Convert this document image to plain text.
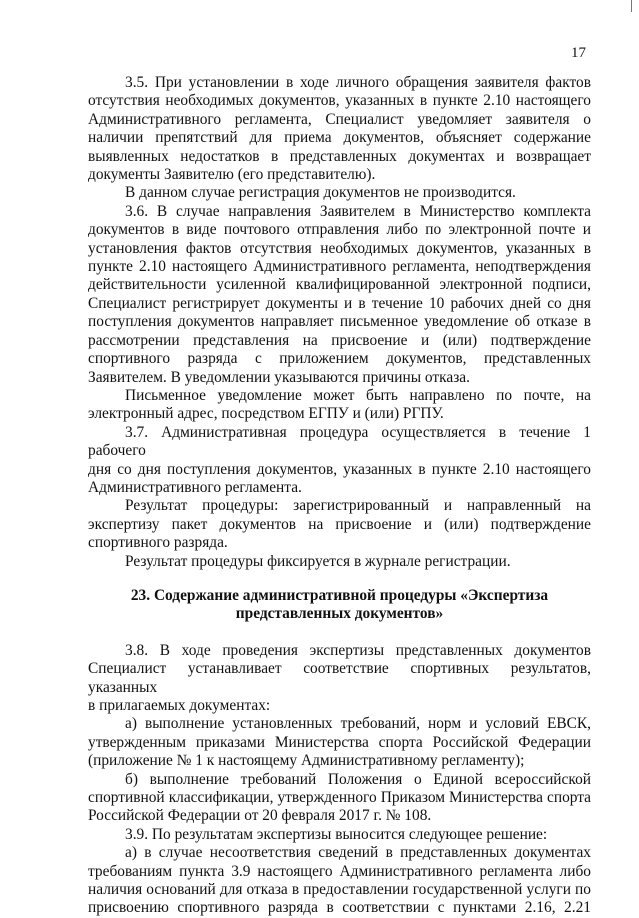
17
3.5. При установлении в ходе личного обращения заявителя фактов
отсутствия необходимых документов, указанных в пункте 2.10 настоящего
Административного регламента, Специалист уведомляет заявителя о
наличии препятствий для приема документов, объясняет содержание
выявленных недостатков в представленных документах и возвращает
документы Заявителю (его представителю).
В данном случае регистрация документов не производится.
3.6. В случае направления Заявителем в Министерство комплекта
документов в виде почтового отправления либо по электронной почте и
установления фактов отсутствия необходимых документов, указанных в
пункте 2.10 настоящего Административного регламента, неподтверждения
действительности усиленной квалифицированной электронной подписи,
Специалист регистрирует документы и в течение 10 рабочих дней со дня
поступления документов направляет письменное уведомление об отказе в
рассмотрении представления на присвоение и (или) подтверждение
спортивного разряда с приложением документов, представленных
Заявителем. В уведомлении указываются причины отказа.
Письменное уведомление может быть направлено по почте, на
электронный адрес, посредством ЕГПУ и (или) РГПУ.
3.7. Административная процедура осуществляется в течение 1 рабочего
дня со дня поступления документов, указанных в пункте 2.10 настоящего
Административного регламента.
Результат процедуры: зарегистрированный и направленный на
экспертизу пакет документов на присвоение и (или) подтверждение
спортивного разряда.
Результат процедуры фиксируется в журнале регистрации.
23. Содержание административной процедуры «Экспертиза
представленных документов»
3.8. В ходе проведения экспертизы представленных документов
Специалист устанавливает соответствие спортивных результатов, указанных
в прилагаемых документах:
а) выполнение установленных требований, норм и условий ЕВСК,
утвержденным приказами Министерства спорта Российской Федерации
(приложение № 1 к настоящему Административному регламенту);
б) выполнение требований Положения о Единой всероссийской
спортивной классификации, утвержденного Приказом Министерства спорта
Российской Федерации от 20 февраля 2017 г. № 108.
3.9. По результатам экспертизы выносится следующее решение:
а) в случае несоответствия сведений в представленных документах
требованиям пункта 3.9 настоящего Административного регламента либо
наличия оснований для отказа в предоставлении государственной услуги по
присвоению спортивного разряда в соответствии с пунктами 2.16, 2.21
